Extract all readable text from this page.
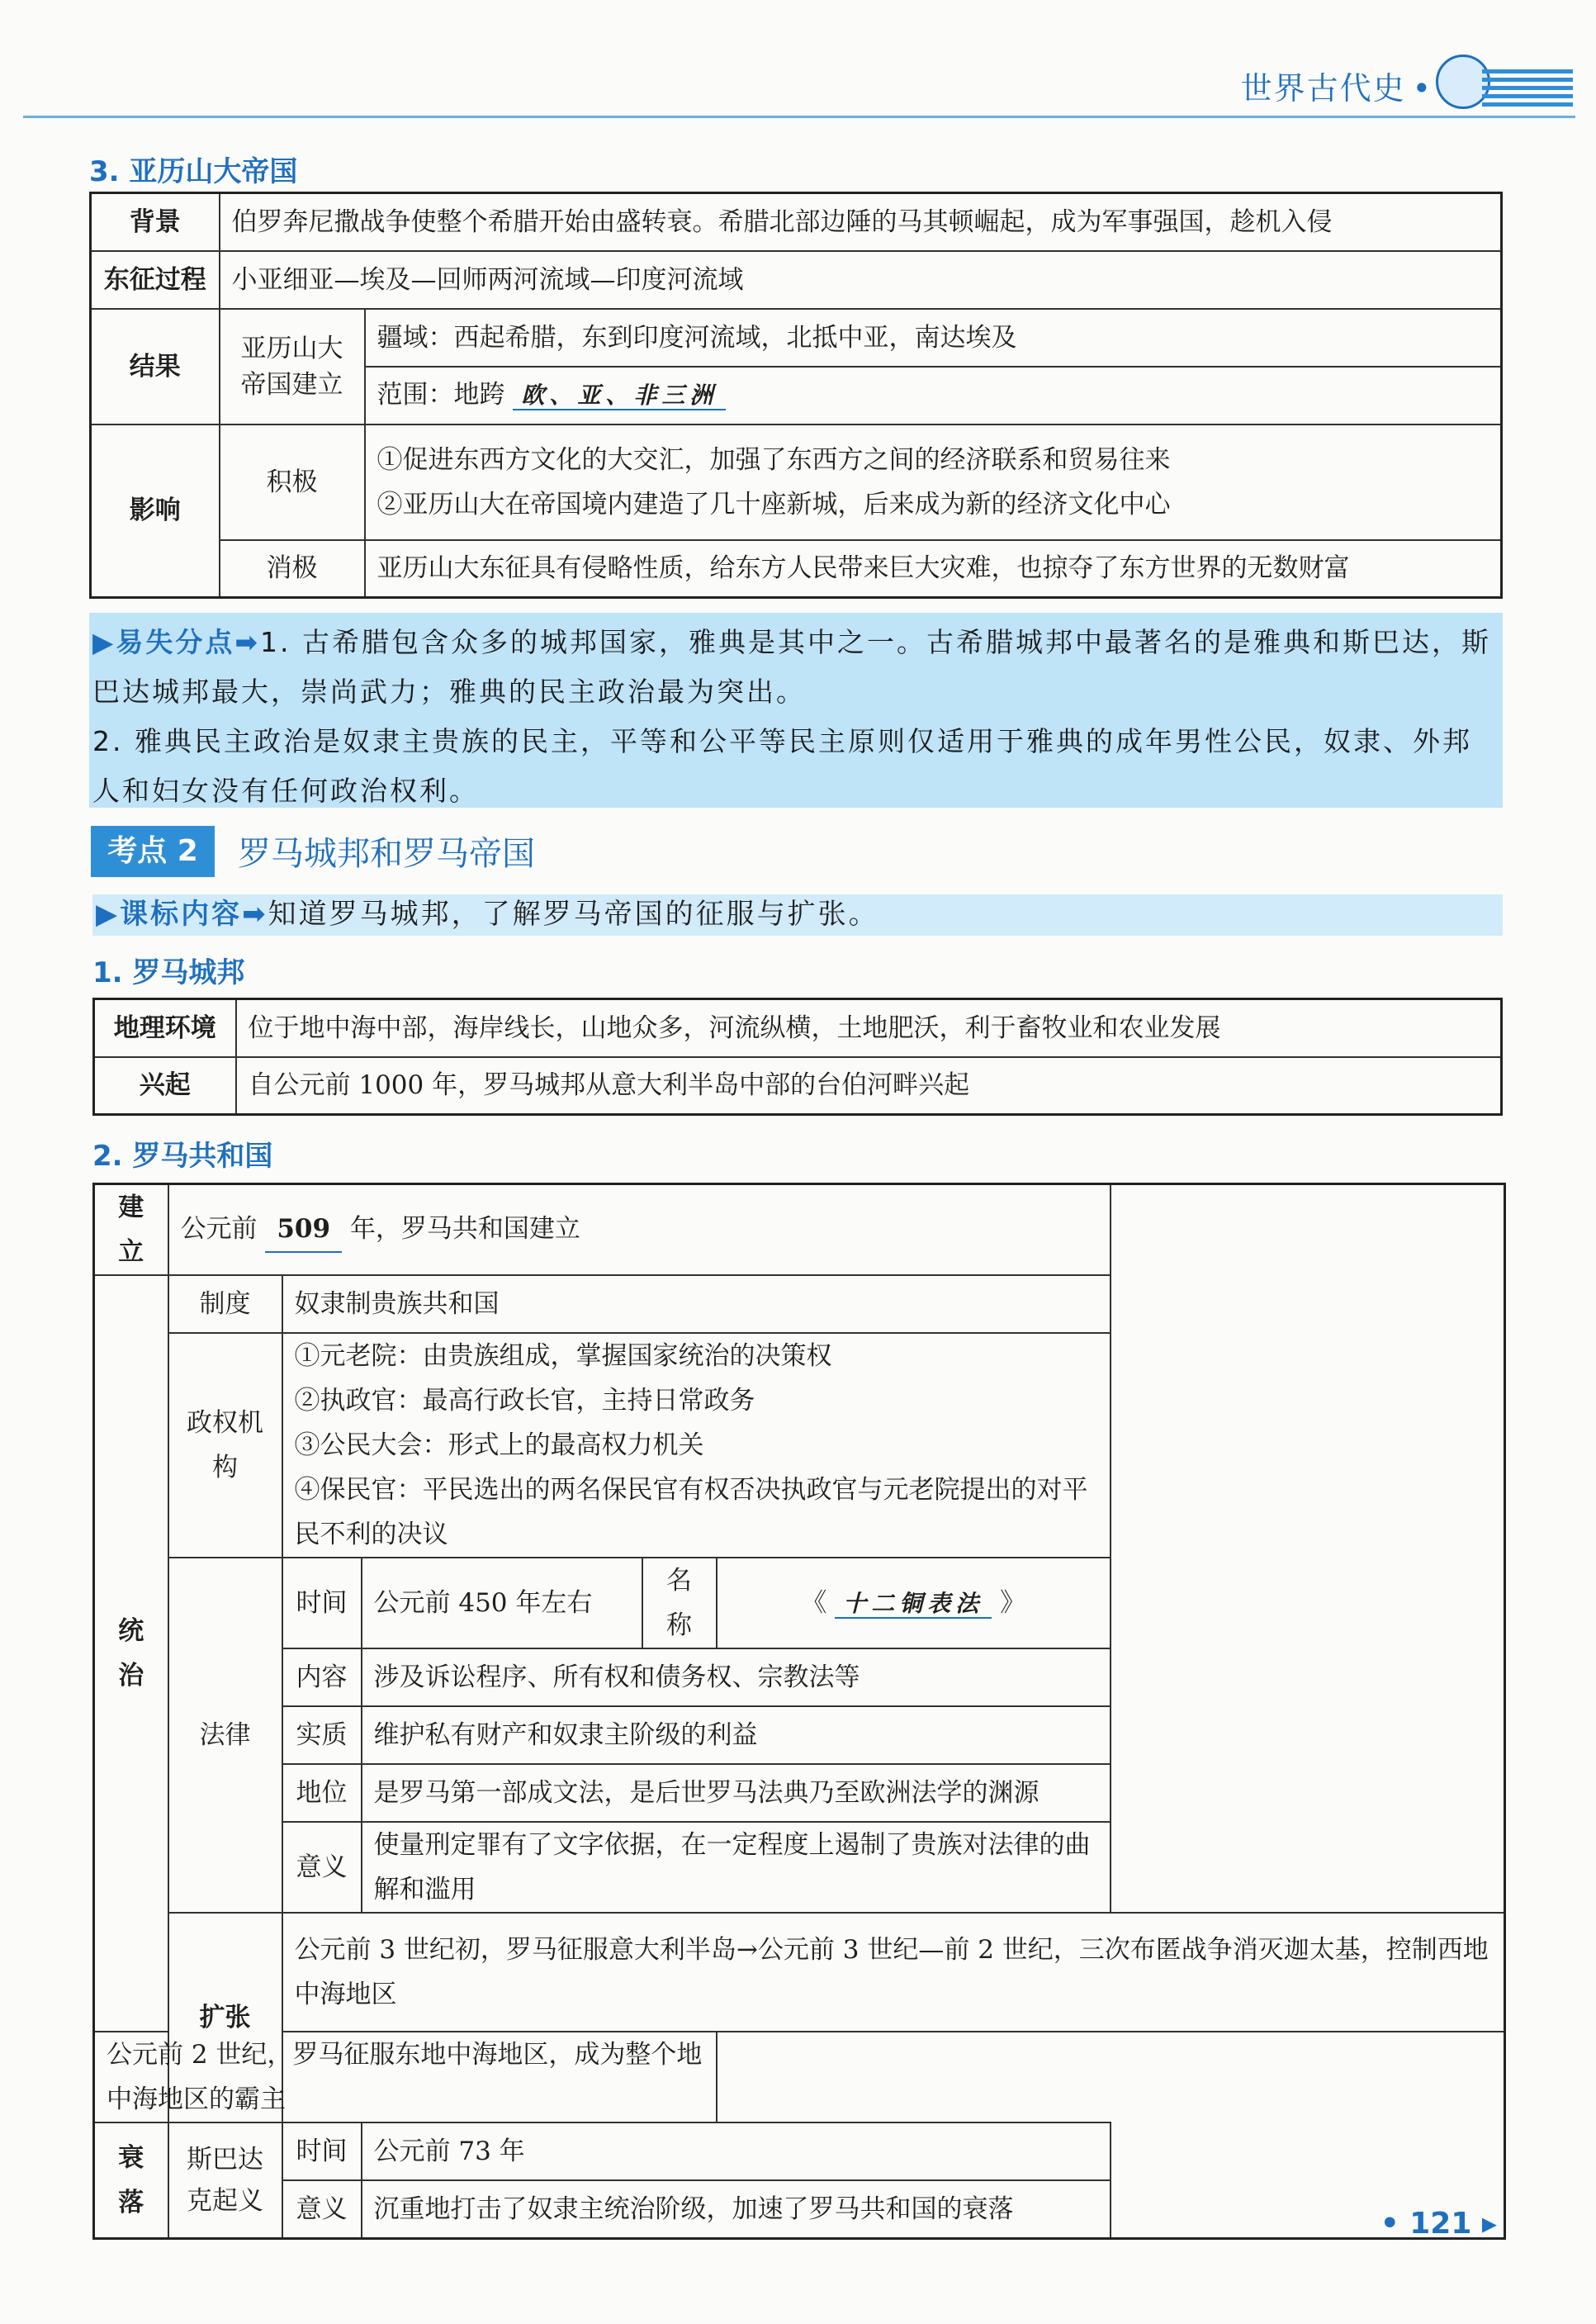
世界古代史 •
3. 亚历山大帝国
背景	伯罗奔尼撒战争使整个希腊开始由盛转衰。希腊北部边陲的马其顿崛起，成为军事强国，趁机入侵	
东征过程	小亚细亚—埃及—回师两河流域—印度河流域	
结果	亚历山大帝国建立	疆域：西起希腊，东到印度河流域，北抵中亚，南达埃及
		范围：地跨 欧、亚、非三洲
影响	积极	①促进东西方文化的大交汇，加强了东西方之间的经济联系和贸易往来
②亚历山大在帝国境内建造了几十座新城，后来成为新的经济文化中心

	消极	亚历山大东征具有侵略性质，给东方人民带来巨大灾难，也掠夺了东方世界的无数财富
▶易失分点➡1. 古希腊包含众多的城邦国家，雅典是其中之一。古希腊城邦中最著名的是雅典和斯巴达，斯巴达城邦最大，崇尚武力；雅典的民主政治最为突出。
2. 雅典民主政治是奴隶主贵族的民主，平等和公平等民主原则仅适用于雅典的成年男性公民，奴隶、外邦人和妇女没有任何政治权利。
考点 2	罗马城邦和罗马帝国
▶课标内容➡知道罗马城邦，了解罗马帝国的征服与扩张。
1. 罗马城邦
地理环境	位于地中海中部，海岸线长，山地众多，河流纵横，土地肥沃，利于畜牧业和农业发展
兴起	自公元前 1000 年，罗马城邦从意大利半岛中部的台伯河畔兴起
2. 罗马共和国
建立	公元前 509 年，罗马共和国建立				
统治	制度	奴隶制贵族共和国			
	政权机构	①元老院：由贵族组成，掌握国家统治的决策权
②执政官：最高行政长官，主持日常政务
③公民大会：形式上的最高权力机关
④保民官：平民选出的两名保民官有权否决执政官与元老院提出的对平民不利的决议			

	法律	时间	公元前 450 年左右	名称	《 十二铜表法 》
		内容	涉及诉讼程序、所有权和债务权、宗教法等		
		实质	维护私有财产和奴隶主阶级的利益		
		地位	是罗马第一部成文法，是后世罗马法典乃至欧洲法学的渊源		
		意义	使量刑定罪有了文字依据，在一定程度上遏制了贵族对法律的曲解和滥用		
	扩张	公元前 3 世纪初，罗马征服意大利半岛→公元前 3 世纪—前 2 世纪，三次布匿战争消灭迦太基，控制西地中海地区			
公元前 2 世纪，罗马征服东地中海地区，成为整个地中海地区的霸主					
衰落	斯巴达克起义	时间	公元前 73 年		
		意义	沉重地打击了奴隶主统治阶级，加速了罗马共和国的衰落			• 121 ▸
